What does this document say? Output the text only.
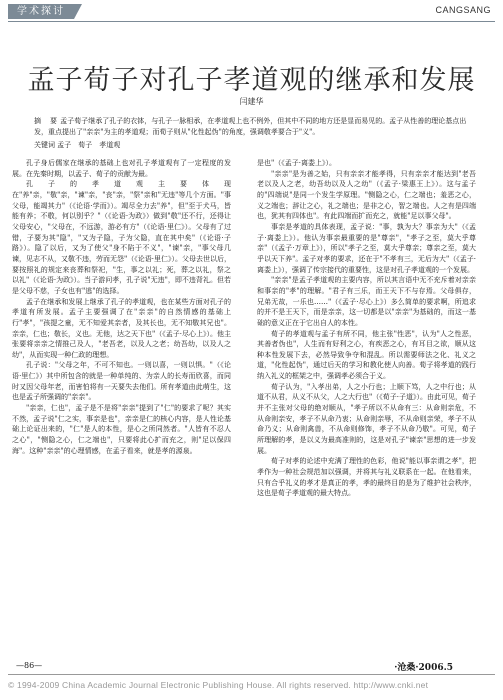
学术探讨	CANGSANG
孟子荀子对孔子孝道观的继承和发展
闫建华
摘　要 孟子荀子继承了孔子的衣钵，与孔子一脉相承，在孝道观上也不例外，但其中不同的地方还是显而易见的。孟子从性善的理论基点出发，重点提出了"亲亲"为主的孝道观；而荀子则从"化性起伪"的角度，强调敬孝要合于"义"。
关键词 孟子　荀子　孝道观

孔子身后儒家在继承的基础上也对孔子孝道观有了一定程度的发展。在先秦时期，以孟子、荀子的贡献为最。

孔子的孝道观主要体现在"养"亲，"敬"亲，"谏"亲，"丧"亲，"祭"亲和"无违"等几个方面。"事父母，能竭其力"（《论语·学而》）。竭尽全力去"养"，但"至于犬马，皆能有养；不敬，何以别乎？"（《论语·为政》）做到"敬"还不行，还得让父母安心，"父母在，不远游，游必有方"（《论语·里仁》）。父母有了过错，子要为其"隐"，"又为子隐，子为父隐，直在其中矣"（《论语·子路》）。隐了以后，又为了使父"身不陷于不义"，"谏"亲，"事父母几谏，见志不从，又敬不违，劳而无怨"（《论语·里仁》）。父母去世以后，要按照礼的规定来丧葬和祭祀，"生，事之以礼；死，葬之以礼，祭之以礼"（《论语·为政》）。当子游问孝，孔子说"无违"，即不违背礼。但若是父母不慈，子女也有"逃"的选择。

孟子在继承和发展上继承了孔子的孝道观，也在某些方面对孔子的孝道有所发展。孟子主要强调了在"亲亲"的自然情感的基础上行"孝"，"孩提之童，无不知爱其亲者，及其长也，无不知敬其兄也"。亲亲，仁也；敬长，义也。无他，达之天下也"（《孟子·尽心上》）。他主张要将亲亲之情推己及人，"老吾老，以及人之老；幼吾幼，以及人之幼"，从而实现一种仁政的理想。

孔子说："父母之年，不可不知也。一则以喜，一则以惧。"（《论语·里仁》）其中所包含的就是一种单纯的、为亲人的长寿而欣喜，而同时又因父母年老，而害怕将有一天要失去他们。所有孝道由此萌生，这也是孟子所强调的"亲亲"。

"亲亲，仁也"，孟子是不是将"亲亲"提到了"仁"的要求了呢？其实不然，孟子说"仁之实，事亲是也"，亲亲是仁的核心内容，是人性论基础上论证出来的，"仁"是人的本性，是心之所同然者。"人皆有不忍人之心"，"恻隐之心，仁之端也"，只要将此心扩而充之，则"足以保四海"。这种"亲亲"的心理情感，在孟子看来，就是孝的源泉。

是也"（《孟子·离娄上》）。

"亲亲"是为善之始，只有亲亲才能孝得，只有亲亲才能达到"老吾老以及人之老，幼吾幼以及人之幼"（《孟子·梁惠王上》）。这与孟子的"四端说"是同一个发生学原理。"恻隐之心，仁之端也；羞恶之心，义之端也；辞让之心，礼之端也；是非之心，智之端也。人之有是四端也，犹其有四体也"。有此四端而扩而充之，就能"足以事父母"。

事亲是孝道的具体表现，孟子说："事，孰为大？事亲为大"（《孟子·离娄上》）。他认为事亲最重要的是"尊亲"，"孝子之至，莫大乎尊亲"（《孟子·万章上》），所以"孝子之至，莫大乎尊亲；尊亲之至，莫大乎以天下养"。孟子对孝的要求，还在于"不孝有三，无后为大"（《孟子·离娄上》），强调了传宗接代的重要性，这是对孔子孝道观的一个发展。

"亲亲"是孟子孝道观的主要内容，所以其言语中无不充斥着对亲亲和事亲的"孝"的理解。"君子有三乐，而王天下不与存焉。父母俱存，兄弟无故，一乐也……"（《孟子·尽心上》）多么简单的要求啊，所追求的并不是王天下，而是亲亲，这一切都是以"亲亲"为基础的，而这一基础的意义正在于它出自人的本性。

荀子的孝道观与孟子有所不同，他主张"性恶"，认为"人之性恶，其善者伪也"，人生而有好利之心，有疾恶之心，有耳目之欲，顺从这种本性发展下去，必然导致争夺和混乱。所以需要师法之化、礼义之道，"化性起伪"，通过后天的学习和教化使人向善。荀子将孝道的践行纳入礼义的框架之中，强调孝必须合于义。

荀子认为，"入孝出弟，人之小行也；上顺下笃，人之中行也；从道不从君，从义不从父，人之大行也"（《荀子·子道》）。由此可见，荀子并不主张对父母的绝对顺从，"孝子所以不从命有三：从命则亲危，不从命则亲安，孝子不从命乃衷；从命则亲辱，不从命则亲荣，孝子不从命乃义；从命则禽兽，不从命则修饰，孝子不从命乃敬"。可见，荀子所理解的孝，是以义为最高准则的，这是对孔子"谏亲"思想的进一步发展。

荀子对孝的论述中充满了理性的色彩，他说"能以事亲谓之孝"，把孝作为一种社会规范加以强调，并将其与礼义联系在一起。在他看来，只有合乎礼义的孝才是真正的孝，孝的最终目的是为了维护社会秩序，这也是荀子孝道观的最大特点。

—86—	·沧桑·2006.5
© 1994-2009 China Academic Journal Electronic Publishing House. All rights reserved. http://www.cnki.net
